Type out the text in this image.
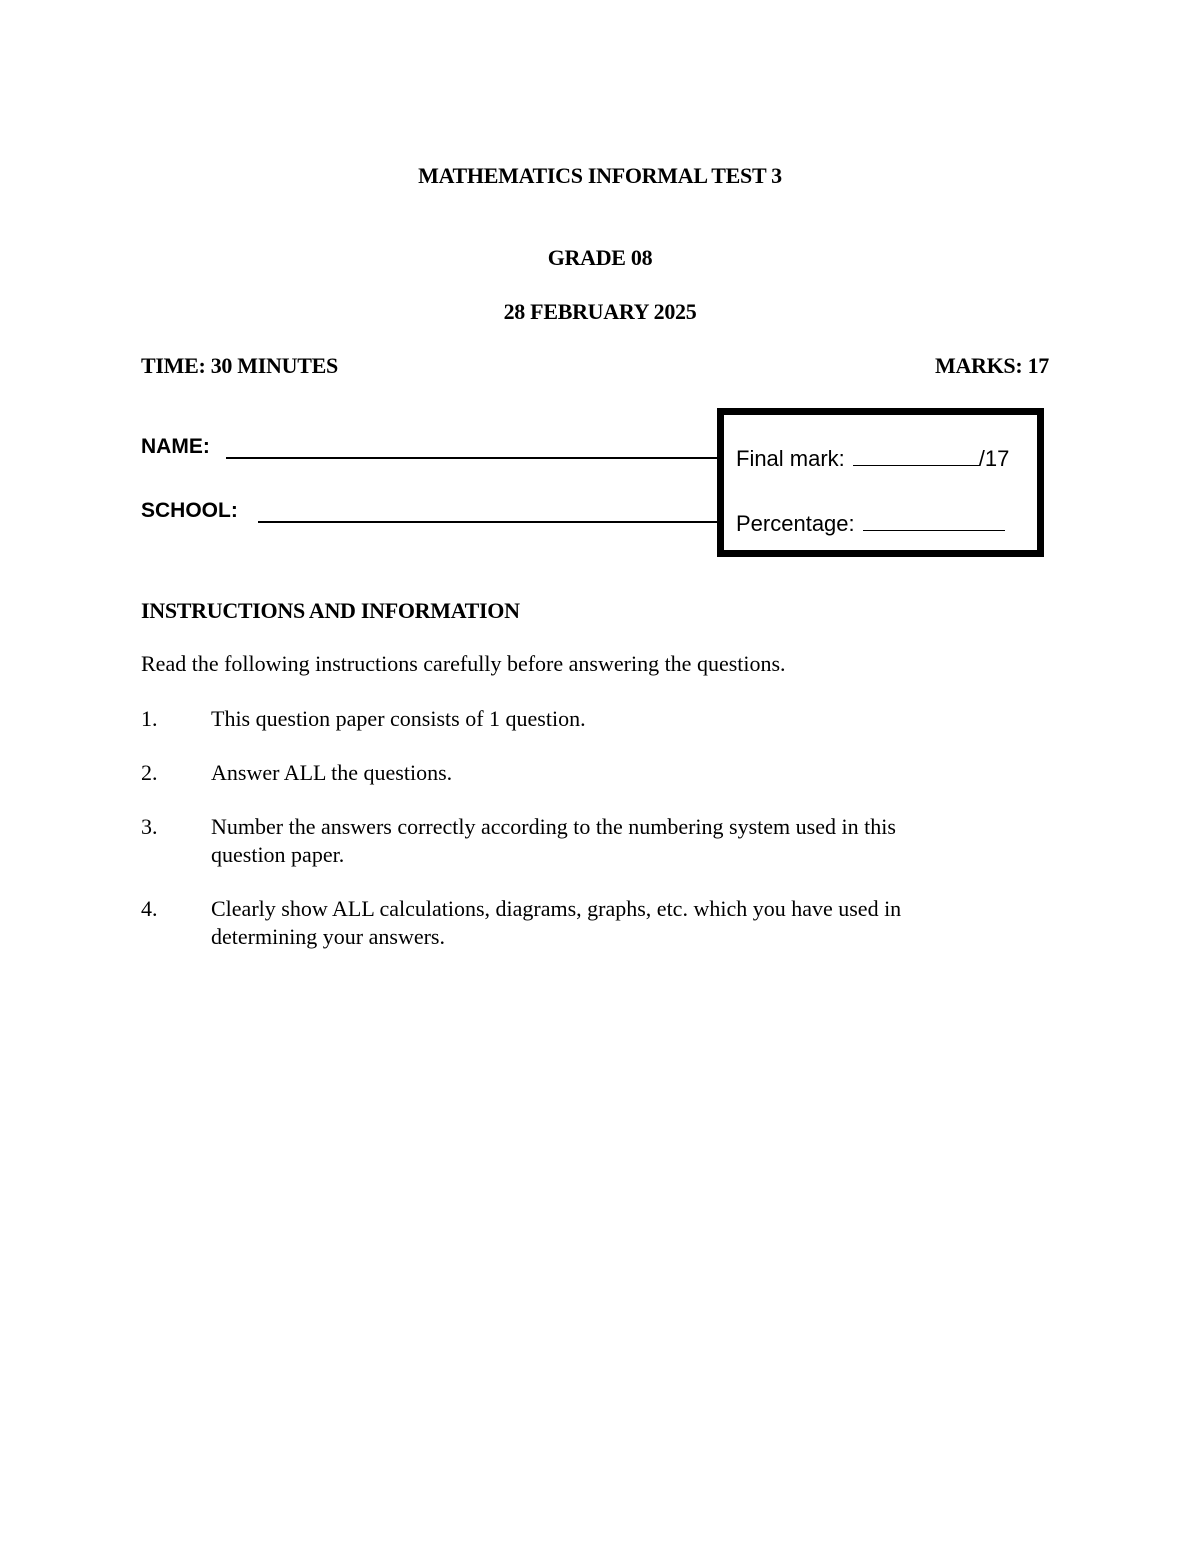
MATHEMATICS INFORMAL TEST 3
GRADE 08
28 FEBRUARY 2025
TIME: 30 MINUTES	MARKS: 17
NAME:
SCHOOL:
Final mark:	/17
Percentage:
INSTRUCTIONS AND INFORMATION
Read the following instructions carefully before answering the questions.
1. This question paper consists of 1 question.
2. Answer ALL the questions.
3. Number the answers correctly according to the numbering system used in this question paper.
4. Clearly show ALL calculations, diagrams, graphs, etc. which you have used in determining your answers.
